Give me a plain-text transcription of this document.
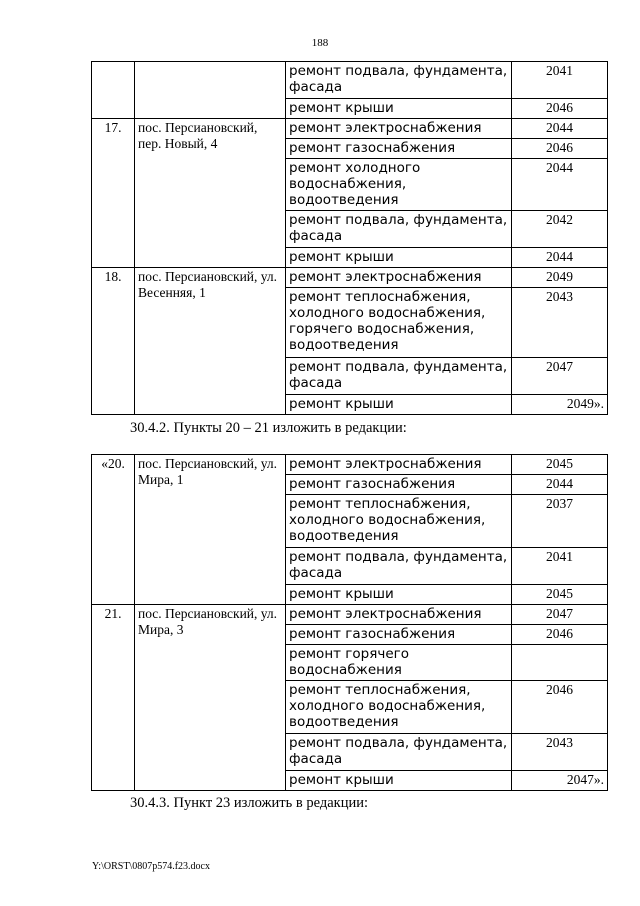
188
		ремонт подвала, фундамента, фасада	2041
		ремонт крыши	2046
17.	пос. Персиановский, пер. Новый, 4	ремонт электроснабжения	2044
		ремонт газоснабжения	2046
		ремонт холодного водоснабжения, водоотведения	2044
		ремонт подвала, фундамента, фасада	2042
		ремонт крыши	2044
18.	пос. Персиановский, ул. Весенняя, 1	ремонт электроснабжения	2049
		ремонт теплоснабжения, холодного водоснабжения, горячего водоснабжения, водоотведения	2043
		ремонт подвала, фундамента, фасада	2047
		ремонт крыши	2049».
30.4.2. Пункты 20 – 21 изложить в редакции:
«20.	пос. Персиановский, ул. Мира, 1	ремонт электроснабжения	2045
		ремонт газоснабжения	2044
		ремонт теплоснабжения, холодного водоснабжения, водоотведения	2037
		ремонт подвала, фундамента, фасада	2041
		ремонт крыши	2045
21.	пос. Персиановский, ул. Мира, 3	ремонт электроснабжения	2047
		ремонт газоснабжения	2046
		ремонт горячего водоснабжения	
		ремонт теплоснабжения, холодного водоснабжения, водоотведения	2046
		ремонт подвала, фундамента, фасада	2043
		ремонт крыши	2047».
30.4.3. Пункт 23 изложить в редакции:
Y:\ORST\0807p574.f23.docx
